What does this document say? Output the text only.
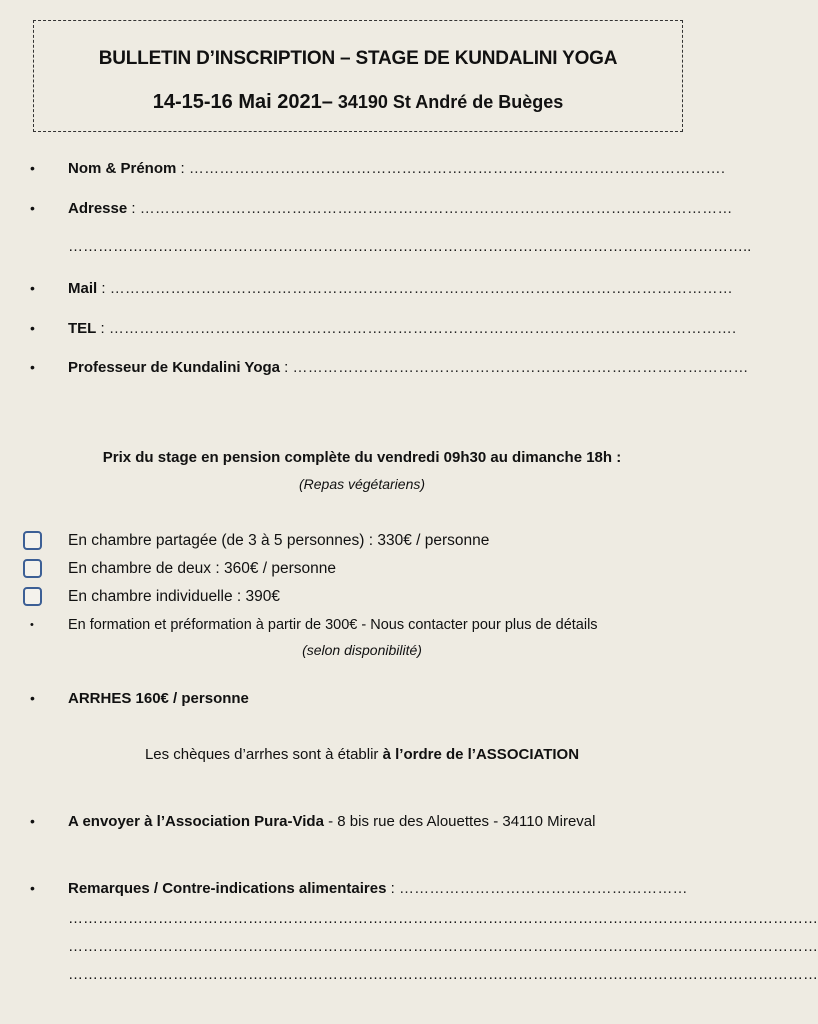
BULLETIN D’INSCRIPTION – STAGE DE KUNDALINI YOGA
14-15-16 Mai 2021– 34190 St André de Buèges
• Nom & Prénom : …………………………………………………………………………………………….
• Adresse : ………………………………………………………………………………………………………
………………………………………………………………………………………………………………………..
• Mail : ……………………………………………………………………………………………………………
• TEL : …………………………………………………………………………………………………………….
• Professeur de Kundalini Yoga : ………………………………………………………………………………
Prix du stage en pension complète du vendredi 09h30 au dimanche 18h :
(Repas végétariens)
En chambre partagée (de 3 à 5 personnes) : 330€ / personne
En chambre de deux : 360€ / personne
En chambre individuelle : 390€
• En formation et préformation à partir de 300€ - Nous contacter pour plus de détails
(selon disponibilité)
• ARRHES 160€ / personne
Les chèques d’arrhes sont à établir à l’ordre de l’ASSOCIATION
• A envoyer à l’Association Pura-Vida - 8 bis rue des Alouettes - 34110 Mireval
• Remarques / Contre-indications alimentaires : …………………………………………………
……………………………………………………………………………………………………………………………………
……………………………………………………………………………………………………………………………………
……………………………………………………………………………………………………………………………………
